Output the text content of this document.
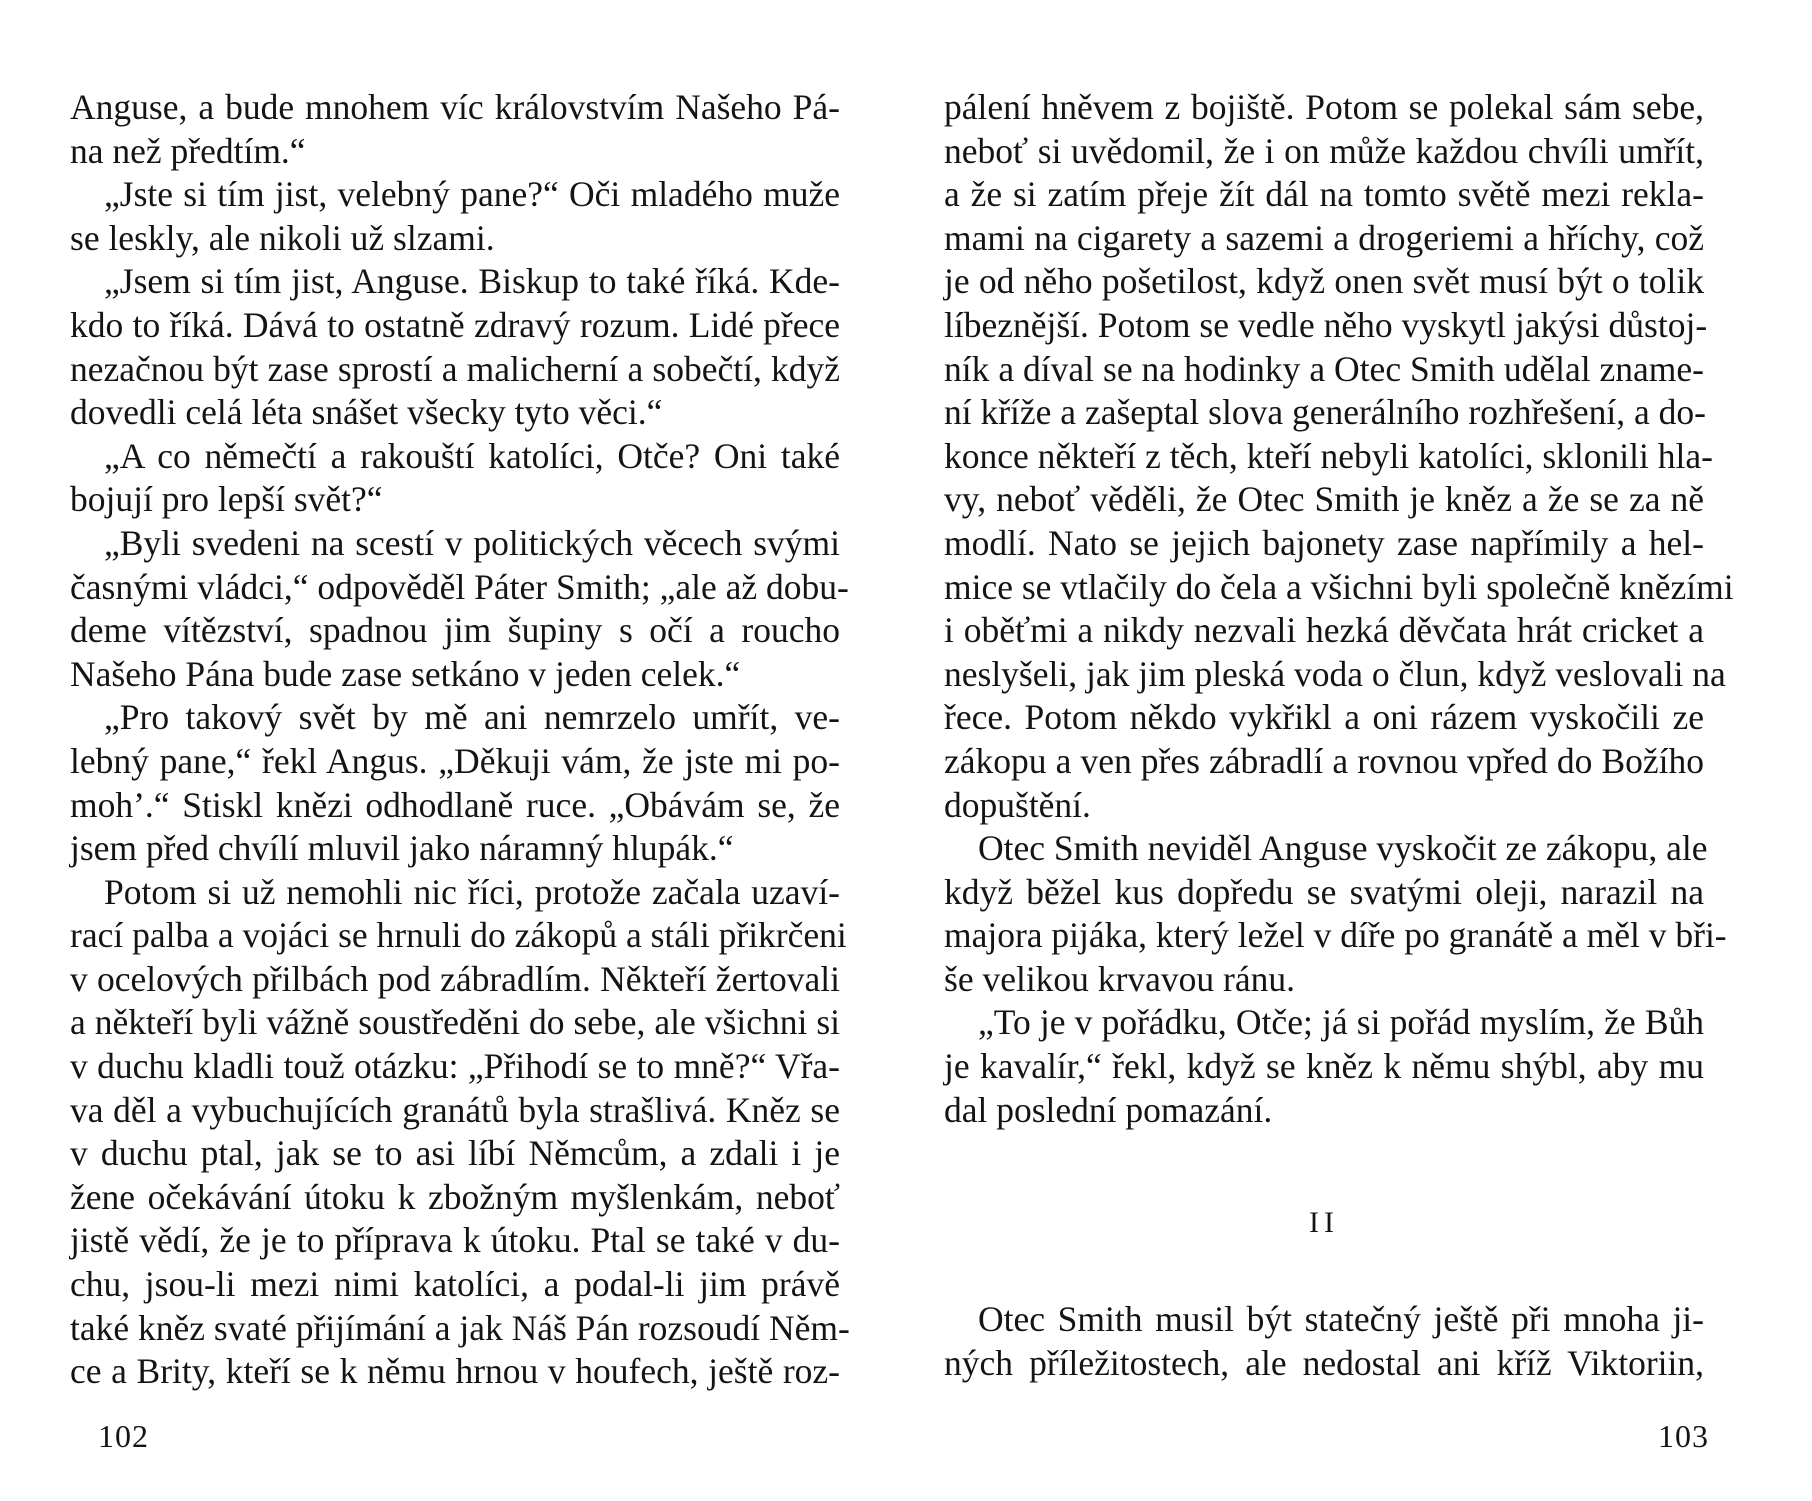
Anguse, a bude mnohem víc královstvím Našeho Pá-
na než předtím.“
„Jste si tím jist, velebný pane?“ Oči mladého muže
se leskly, ale nikoli už slzami.
„Jsem si tím jist, Anguse. Biskup to také říká. Kde-
kdo to říká. Dává to ostatně zdravý rozum. Lidé přece
nezačnou být zase sprostí a malicherní a sobečtí, když
dovedli celá léta snášet všecky tyto věci.“
„A co němečtí a rakouští katolíci, Otče? Oni také
bojují pro lepší svět?“
„Byli svedeni na scestí v politických věcech svými
časnými vládci,“ odpověděl Páter Smith; „ale až dobu-
deme vítězství, spadnou jim šupiny s očí a roucho
Našeho Pána bude zase setkáno v jeden celek.“
„Pro takový svět by mě ani nemrzelo umřít, ve-
lebný pane,“ řekl Angus. „Děkuji vám, že jste mi po-
moh’.“ Stiskl knězi odhodlaně ruce. „Obávám se, že
jsem před chvílí mluvil jako náramný hlupák.“
Potom si už nemohli nic říci, protože začala uzaví-
rací palba a vojáci se hrnuli do zákopů a stáli přikrčeni
v ocelových přilbách pod zábradlím. Někteří žertovali
a někteří byli vážně soustředěni do sebe, ale všichni si
v duchu kladli touž otázku: „Přihodí se to mně?“ Vřa-
va děl a vybuchujících granátů byla strašlivá. Kněz se
v duchu ptal, jak se to asi líbí Němcům, a zdali i je
žene očekávání útoku k zbožným myšlenkám, neboť
jistě vědí, že je to příprava k útoku. Ptal se také v du-
chu, jsou-li mezi nimi katolíci, a podal-li jim právě
také kněz svaté přijímání a jak Náš Pán rozsoudí Něm-
ce a Brity, kteří se k němu hrnou v houfech, ještě roz-
102
pálení hněvem z bojiště. Potom se polekal sám sebe,
neboť si uvědomil, že i on může každou chvíli umřít,
a že si zatím přeje žít dál na tomto světě mezi rekla-
mami na cigarety a sazemi a drogeriemi a hříchy, což
je od něho pošetilost, když onen svět musí být o tolik
líbeznější. Potom se vedle něho vyskytl jakýsi důstoj-
ník a díval se na hodinky a Otec Smith udělal zname-
ní kříže a zašeptal slova generálního rozhřešení, a do-
konce někteří z těch, kteří nebyli katolíci, sklonili hla-
vy, neboť věděli, že Otec Smith je kněz a že se za ně
modlí. Nato se jejich bajonety zase napřímily a hel-
mice se vtlačily do čela a všichni byli společně knězími
i oběťmi a nikdy nezvali hezká děvčata hrát cricket a
neslyšeli, jak jim pleská voda o člun, když veslovali na
řece. Potom někdo vykřikl a oni rázem vyskočili ze
zákopu a ven přes zábradlí a rovnou vpřed do Božího
dopuštění.
Otec Smith neviděl Anguse vyskočit ze zákopu, ale
když běžel kus dopředu se svatými oleji, narazil na
majora pijáka, který ležel v díře po granátě a měl v bři-
še velikou krvavou ránu.
„To je v pořádku, Otče; já si pořád myslím, že Bůh
je kavalír,“ řekl, když se kněz k němu shýbl, aby mu
dal poslední pomazání.
II
Otec Smith musil být statečný ještě při mnoha ji-
ných příležitostech, ale nedostal ani kříž Viktoriin,
103
